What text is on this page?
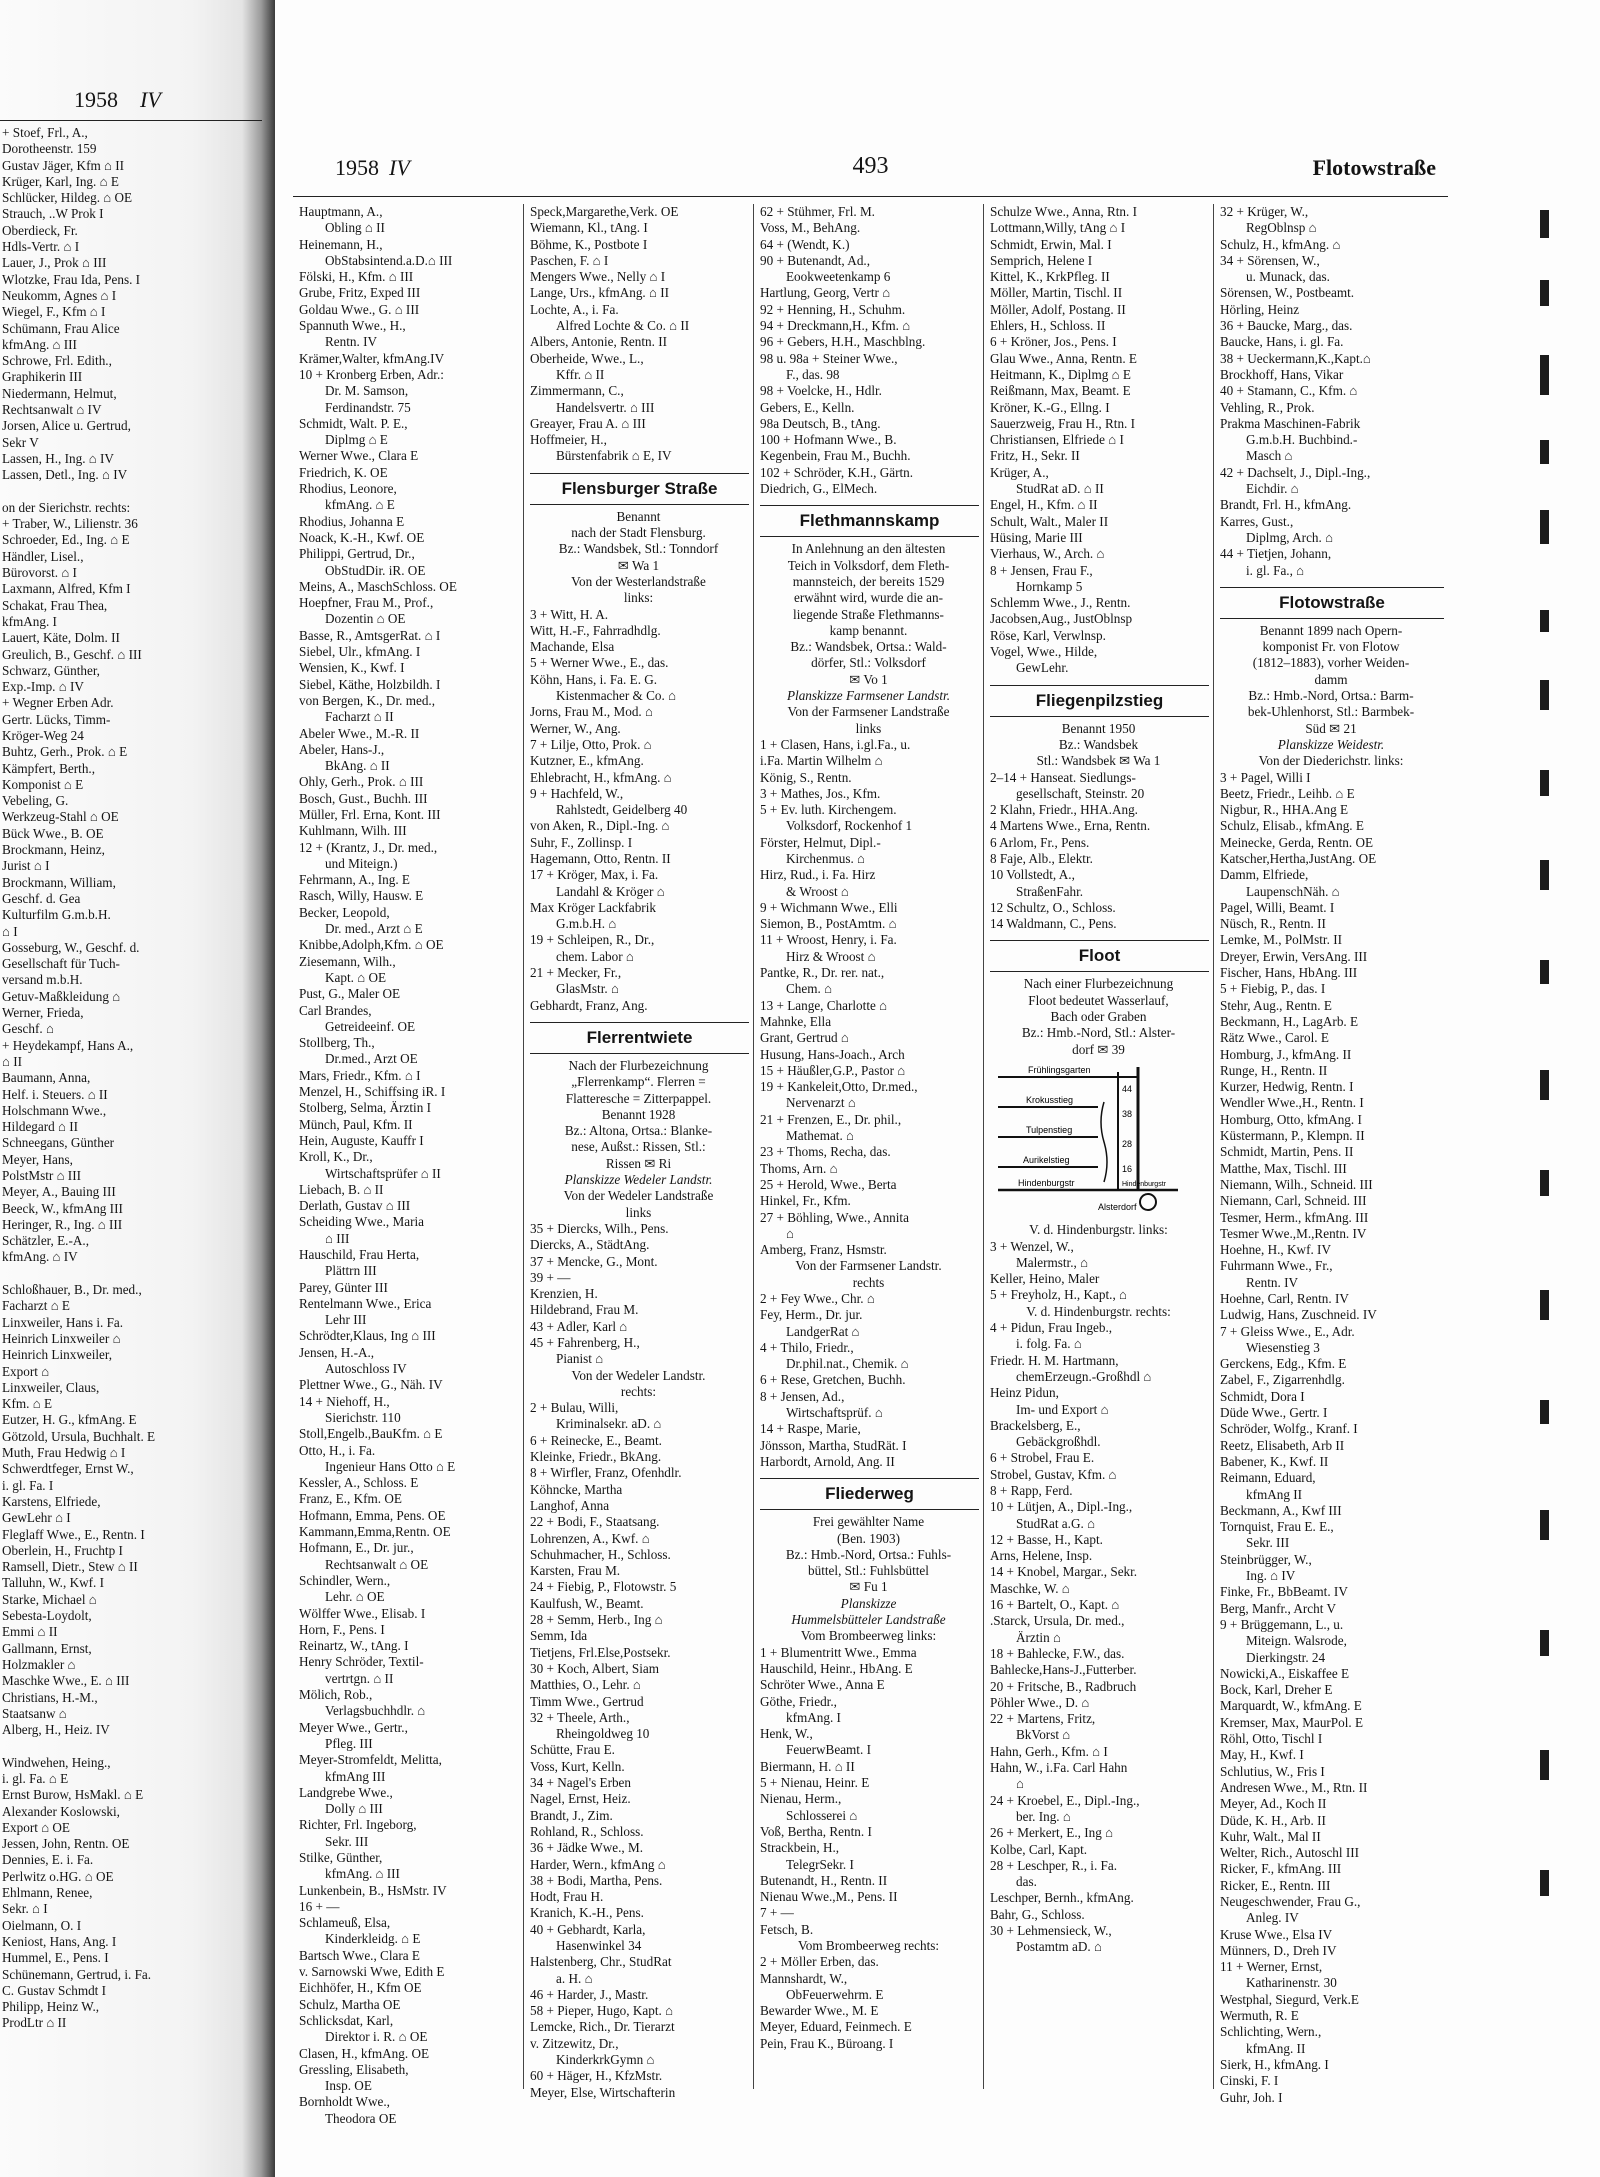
1958 IV
+ Stoef, Frl., A.,
Dorotheenstr. 159
Gustav Jäger, Kfm ⌂ II
Krüger, Karl, Ing. ⌂ E
Schlücker, Hildeg. ⌂ OE
Strauch, ..W Prok I
Oberdieck, Fr.
Hdls-Vertr. ⌂ I
Lauer, J., Prok ⌂ III
Wlotzke, Frau Ida, Pens. I
Neukomm, Agnes ⌂ I
Wiegel, F., Kfm ⌂ I
Schümann, Frau Alice
kfmAng. ⌂ III
Schrowe, Frl. Edith.,
Graphikerin III
Niedermann, Helmut,
Rechtsanwalt ⌂ IV
Jorsen, Alice u. Gertrud,
Sekr V
Lassen, H., Ing. ⌂ IV
Lassen, Detl., Ing. ⌂ IV

on der Sierichstr. rechts:
+ Traber, W., Lilienstr. 36
Schroeder, Ed., Ing. ⌂ E
Händler, Lisel.,
Bürovorst. ⌂ I
Laxmann, Alfred, Kfm I
Schakat, Frau Thea,
kfmAng. I
Lauert, Käte, Dolm. II
Greulich, B., Geschf. ⌂ III
Schwarz, Günther,
Exp.-Imp. ⌂ IV
+ Wegner Erben Adr.
Gertr. Lücks, Timm-
Kröger-Weg 24
Buhtz, Gerh., Prok. ⌂ E
Kämpfert, Berth.,
Komponist ⌂ E
Vebeling, G.
Werkzeug-Stahl ⌂ OE
Bück Wwe., B. OE
Brockmann, Heinz,
Jurist ⌂ I
Brockmann, William,
Geschf. d. Gea
Kulturfilm G.m.b.H.
⌂ I
Gosseburg, W., Geschf. d.
Gesellschaft für Tuch-
versand m.b.H.
Getuv-Maßkleidung ⌂
Werner, Frieda,
Geschf. ⌂
+ Heydekampf, Hans A.,
⌂ II
Baumann, Anna,
Helf. i. Steuers. ⌂ II
Holschmann Wwe.,
Hildegard ⌂ II
Schneegans, Günther
Meyer, Hans,
PolstMstr ⌂ III
Meyer, A., Bauing III
Beeck, W., kfmAng III
Heringer, R., Ing. ⌂ III
Schätzler, E.-A.,
kfmAng. ⌂ IV

Schloßhauer, B., Dr. med.,
Facharzt ⌂ E
Linxweiler, Hans i. Fa.
Heinrich Linxweiler ⌂
Heinrich Linxweiler,
Export ⌂
Linxweiler, Claus,
Kfm. ⌂ E
Eutzer, H. G., kfmAng. E
Götzold, Ursula, Buchhalt. E
Muth, Frau Hedwig ⌂ I
Schwerdtfeger, Ernst W.,
i. gl. Fa. I
Karstens, Elfriede,
GewLehr ⌂ I
Fleglaff Wwe., E., Rentn. I
Oberlein, H., Fruchtp I
Ramsell, Dietr., Stew ⌂ II
Talluhn, W., Kwf. I
Starke, Michael ⌂
Sebesta-Loydolt,
Emmi ⌂ II
Gallmann, Ernst,
Holzmakler ⌂
Maschke Wwe., E. ⌂ III
Christians, H.-M.,
Staatsanw ⌂
Alberg, H., Heiz. IV

Windwehen, Heing.,
i. gl. Fa. ⌂ E
Ernst Burow, HsMakl. ⌂ E
Alexander Koslowski,
Export ⌂ OE
Jessen, John, Rentn. OE
Dennies, E. i. Fa.
Perlwitz o.HG. ⌂ OE
Ehlmann, Renee,
Sekr. ⌂ I
Oielmann, O. I
Keniost, Hans, Ang. I
Hummel, E., Pens. I
Schünemann, Gertrud, i. Fa.
C. Gustav Schmdt I
Philipp, Heinz W.,
ProdLtr ⌂ II
1958 IV	493	Flotowstraße
Hauptmann, A.,
Obling ⌂ II
Heinemann, H.,
ObStabsintend.a.D.⌂ III
Fölski, H., Kfm. ⌂ III
Grube, Fritz, Exped III
Goldau Wwe., G. ⌂ III
Spannuth Wwe., H.,
Rentn. IV
Krämer,Walter, kfmAng.IV
10 + Kronberg Erben, Adr.:
Dr. M. Samson,
Ferdinandstr. 75
Schmidt, Walt. P. E.,
Diplmg ⌂ E
Werner Wwe., Clara E
Friedrich, K. OE
Rhodius, Leonore,
kfmAng. ⌂ E
Rhodius, Johanna E
Noack, K.-H., Kwf. OE
Philippi, Gertrud, Dr.,
ObStudDir. iR. OE
Meins, A., MaschSchloss. OE
Hoepfner, Frau M., Prof.,
Dozentin ⌂ OE
Basse, R., AmtsgerRat. ⌂ I
Siebel, Ulr., kfmAng. I
Wensien, K., Kwf. I
Siebel, Käthe, Holzbildh. I
von Bergen, K., Dr. med.,
Facharzt ⌂ II
Abeler Wwe., M.-R. II
Abeler, Hans-J.,
BkAng. ⌂ II
Ohly, Gerh., Prok. ⌂ III
Bosch, Gust., Buchh. III
Müller, Frl. Erna, Kont. III
Kuhlmann, Wilh. III
12 + (Krantz, J., Dr. med.,
und Miteign.)
Fehrmann, A., Ing. E
Rasch, Willy, Hausw. E
Becker, Leopold,
Dr. med., Arzt ⌂ E
Knibbe,Adolph,Kfm. ⌂ OE
Ziesemann, Wilh.,
Kapt. ⌂ OE
Pust, G., Maler OE
Carl Brandes,
Getreideeinf. OE
Stollberg, Th.,
Dr.med., Arzt OE
Mars, Friedr., Kfm. ⌂ I
Menzel, H., Schiffsing iR. I
Stolberg, Selma, Ärztin I
Münch, Paul, Kfm. II
Hein, Auguste, Kauffr I
Kroll, K., Dr.,
Wirtschaftsprüfer ⌂ II
Liebach, B. ⌂ II
Derlath, Gustav ⌂ III
Scheiding Wwe., Maria
⌂ III
Hauschild, Frau Herta,
Plättrn III
Parey, Günter III
Rentelmann Wwe., Erica
Lehr III
Schrödter,Klaus, Ing ⌂ III
Jensen, H.-A.,
Autoschloss IV
Plettner Wwe., G., Näh. IV
14 + Niehoff, H.,
Sierichstr. 110
Stoll,Engelb.,BauKfm. ⌂ E
Otto, H., i. Fa.
Ingenieur Hans Otto ⌂ E
Kessler, A., Schloss. E
Franz, E., Kfm. OE
Hofmann, Emma, Pens. OE
Kammann,Emma,Rentn. OE
Hofmann, E., Dr. jur.,
Rechtsanwalt ⌂ OE
Schindler, Wern.,
Lehr. ⌂ OE
Wölffer Wwe., Elisab. I
Horn, F., Pens. I
Reinartz, W., tAng. I
Henry Schröder, Textil-
vertrtgn. ⌂ II
Mölich, Rob.,
Verlagsbuchhdlr. ⌂
Meyer Wwe., Gertr.,
Pfleg. III
Meyer-Stromfeldt, Melitta,
kfmAng III
Landgrebe Wwe.,
Dolly ⌂ III
Richter, Frl. Ingeborg,
Sekr. III
Stilke, Günther,
kfmAng. ⌂ III
Lunkenbein, B., HsMstr. IV
16 + —
Schlameuß, Elsa,
Kinderkleidg. ⌂ E
Bartsch Wwe., Clara E
v. Sarnowski Wwe, Edith E
Eichhöfer, H., Kfm OE
Schulz, Martha OE
Schlicksdat, Karl,
Direktor i. R. ⌂ OE
Clasen, H., kfmAng. OE
Gressling, Elisabeth,
Insp. OE
Bornholdt Wwe.,
Theodora OE
Speck,Margarethe,Verk. OE
Wiemann, Kl., tAng. I
Böhme, K., Postbote I
Paschen, F. ⌂ I
Mengers Wwe., Nelly ⌂ I
Lange, Urs., kfmAng. ⌂ II
Lochte, A., i. Fa.
Alfred Lochte & Co. ⌂ II
Albers, Antonie, Rentn. II
Oberheide, Wwe., L.,
Kffr. ⌂ II
Zimmermann, C.,
Handelsvertr. ⌂ III
Greayer, Frau A. ⌂ III
Hoffmeier, H.,
Bürstenfabrik ⌂ E, IV
Flensburger Straße
Benannt
nach der Stadt Flensburg.
Bz.: Wandsbek, Stl.: Tonndorf
✉ Wa 1
Von der Westerlandstraße
links:
3 + Witt, H. A.
Witt, H.-F., Fahrradhdlg.
Machande, Elsa
5 + Werner Wwe., E., das.
Köhn, Hans, i. Fa. E. G.
Kistenmacher & Co. ⌂
Jorns, Frau M., Mod. ⌂
Werner, W., Ang.
7 + Lilje, Otto, Prok. ⌂
Kutzner, E., kfmAng.
Ehlebracht, H., kfmAng. ⌂
9 + Hachfeld, W.,
Rahlstedt, Geidelberg 40
von Aken, R., Dipl.-Ing. ⌂
Suhr, F., Zollinsp. I
Hagemann, Otto, Rentn. II
17 + Kröger, Max, i. Fa.
Landahl & Kröger ⌂
Max Kröger Lackfabrik
G.m.b.H. ⌂
19 + Schleipen, R., Dr.,
chem. Labor ⌂
21 + Mecker, Fr.,
GlasMstr. ⌂
Gebhardt, Franz, Ang.
Flerrentwiete
Nach der Flurbezeichnung
„Flerrenkamp“. Flerren =
Flatteresche = Zitterpappel.
Benannt 1928
Bz.: Altona, Ortsa.: Blanke-
nese, Außst.: Rissen, Stl.:
Rissen ✉ Ri
Planskizze Wedeler Landstr.
Von der Wedeler Landstraße
links
35 + Diercks, Wilh., Pens.
Diercks, A., StädtAng.
37 + Mencke, G., Mont.
39 + —
Krenzien, H.
Hildebrand, Frau M.
43 + Adler, Karl ⌂
45 + Fahrenberg, H.,
Pianist ⌂
Von der Wedeler Landstr.
rechts:
2 + Bulau, Willi,
Kriminalsekr. aD. ⌂
6 + Reinecke, E., Beamt.
Kleinke, Friedr., BkAng.
8 + Wirfler, Franz, Ofenhdlr.
Köhncke, Martha
Langhof, Anna
22 + Bodi, F., Staatsang.
Lohrenzen, A., Kwf. ⌂
Schuhmacher, H., Schloss.
Karsten, Frau M.
24 + Fiebig, P., Flotowstr. 5
Kaulfush, W., Beamt.
28 + Semm, Herb., Ing ⌂
Semm, Ida
Tietjens, Frl.Else,Postsekr.
30 + Koch, Albert, Siam
Matthies, O., Lehr. ⌂
Timm Wwe., Gertrud
32 + Theele, Arth.,
Rheingoldweg 10
Schütte, Frau E.
Voss, Kurt, Kelln.
34 + Nagel's Erben
Nagel, Ernst, Heiz.
Brandt, J., Zim.
Rohland, R., Schloss.
36 + Jädke Wwe., M.
Harder, Wern., kfmAng ⌂
38 + Bodi, Martha, Pens.
Hodt, Frau H.
Kranich, K.-H., Pens.
40 + Gebhardt, Karla,
Hasenwinkel 34
Halstenberg, Chr., StudRat
a. H. ⌂
46 + Harder, J., Mastr.
58 + Pieper, Hugo, Kapt. ⌂
Lemcke, Rich., Dr. Tierarzt
v. Zitzewitz, Dr.,
KinderkrkGymn ⌂
60 + Häger, H., KfzMstr.
Meyer, Else, Wirtschafterin
62 + Stühmer, Frl. M.
Voss, M., BehAng.
64 + (Wendt, K.)
90 + Butenandt, Ad.,
Eookweetenkamp 6
Hartlung, Georg, Vertr ⌂
92 + Henning, H., Schuhm.
94 + Dreckmann,H., Kfm. ⌂
96 + Gebers, H.H., Maschblng.
98 u. 98a + Steiner Wwe.,
F., das. 98
98 + Voelcke, H., Hdlr.
Gebers, E., Kelln.
98a Deutsch, B., tAng.
100 + Hofmann Wwe., B.
Kegenbein, Frau M., Buchh.
102 + Schröder, K.H., Gärtn.
Diedrich, G., ElMech.
Flethmannskamp
In Anlehnung an den ältesten
Teich in Volksdorf, dem Fleth-
mannsteich, der bereits 1529
erwähnt wird, wurde die an-
liegende Straße Flethmanns-
kamp benannt.
Bz.: Wandsbek, Ortsa.: Wald-
dörfer, Stl.: Volksdorf
✉ Vo 1
Planskizze Farmsener Landstr.
Von der Farmsener Landstraße
links
1 + Clasen, Hans, i.gl.Fa., u.
i.Fa. Martin Wilhelm ⌂
König, S., Rentn.
3 + Mathes, Jos., Kfm.
5 + Ev. luth. Kirchengem.
Volksdorf, Rockenhof 1
Förster, Helmut, Dipl.-
Kirchenmus. ⌂
Hirz, Rud., i. Fa. Hirz
& Wroost ⌂
9 + Wichmann Wwe., Elli
Siemon, B., PostAmtm. ⌂
11 + Wroost, Henry, i. Fa.
Hirz & Wroost ⌂
Pantke, R., Dr. rer. nat.,
Chem. ⌂
13 + Lange, Charlotte ⌂
Mahnke, Ella
Grant, Gertrud ⌂
Husung, Hans-Joach., Arch
15 + Häußler,G.P., Pastor ⌂
19 + Kankeleit,Otto, Dr.med.,
Nervenarzt ⌂
21 + Frenzen, E., Dr. phil.,
Mathemat. ⌂
23 + Thoms, Recha, das.
Thoms, Arn. ⌂
25 + Herold, Wwe., Berta
Hinkel, Fr., Kfm.
27 + Böhling, Wwe., Annita
⌂
Amberg, Franz, Hsmstr.
Von der Farmsener Landstr.
rechts
2 + Fey Wwe., Chr. ⌂
Fey, Herm., Dr. jur.
LandgerRat ⌂
4 + Thilo, Friedr.,
Dr.phil.nat., Chemik. ⌂
6 + Rese, Gretchen, Buchh.
8 + Jensen, Ad.,
Wirtschaftsprüf. ⌂
14 + Raspe, Marie,
Jönsson, Martha, StudRät. I
Harbordt, Arnold, Ang. II
Fliederweg
Frei gewählter Name
(Ben. 1903)
Bz.: Hmb.-Nord, Ortsa.: Fuhls-
büttel, Stl.: Fuhlsbüttel
✉ Fu 1
Planskizze
Hummelsbütteler Landstraße
Vom Brombeerweg links:
1 + Blumentritt Wwe., Emma
Hauschild, Heinr., HbAng. E
Schröter Wwe., Anna E
Göthe, Friedr.,
kfmAng. I
Henk, W.,
FeuerwBeamt. I
Biermann, H. ⌂ II
5 + Nienau, Heinr. E
Nienau, Herm.,
Schlosserei ⌂
Voß, Bertha, Rentn. I
Strackbein, H.,
TelegrSekr. I
Butenandt, H., Rentn. II
Nienau Wwe.,M., Pens. II
7 + —
Fetsch, B.
Vom Brombeerweg rechts:
2 + Möller Erben, das.
Mannshardt, W.,
ObFeuerwehrm. E
Bewarder Wwe., M. E
Meyer, Eduard, Feinmech. E
Pein, Frau K., Büroang. I
Schulze Wwe., Anna, Rtn. I
Lottmann,Willy, tAng ⌂ I
Schmidt, Erwin, Mal. I
Semprich, Helene I
Kittel, K., KrkPfleg. II
Möller, Martin, Tischl. II
Möller, Adolf, Postang. II
Ehlers, H., Schloss. II
6 + Kröner, Jos., Pens. I
Glau Wwe., Anna, Rentn. E
Heitmann, K., Diplmg ⌂ E
Reißmann, Max, Beamt. E
Kröner, K.-G., Ellng. I
Sauerzweig, Frau H., Rtn. I
Christiansen, Elfriede ⌂ I
Fritz, H., Sekr. II
Krüger, A.,
StudRat aD. ⌂ II
Engel, H., Kfm. ⌂ II
Schult, Walt., Maler II
Hüsing, Marie III
Vierhaus, W., Arch. ⌂
8 + Jensen, Frau F.,
Hornkamp 5
Schlemm Wwe., J., Rentn.
Jacobsen,Aug., JustOblnsp
Röse, Karl, Verwlnsp.
Vogel, Wwe., Hilde,
GewLehr.
Fliegenpilzstieg
Benannt 1950
Bz.: Wandsbek
Stl.: Wandsbek ✉ Wa 1
2–14 + Hanseat. Siedlungs-
gesellschaft, Steinstr. 20
2 Klahn, Friedr., HHA.Ang.
4 Martens Wwe., Erna, Rentn.
6 Arlom, Fr., Pens.
8 Faje, Alb., Elektr.
10 Vollstedt, A.,
StraßenFahr.
12 Schultz, O., Schloss.
14 Waldmann, C., Pens.
Floot
Nach einer Flurbezeichnung
Floot bedeutet Wasserlauf,
Bach oder Graben
Bz.: Hmb.-Nord, Stl.: Alster-
dorf ✉ 39
Frühlingsgarten
Krokusstieg
Tulpenstieg
Aurikelstieg
Hindenburgstr	Hindenburgstr
44
38
28
16
Alsterdorf
V. d. Hindenburgstr. links:
3 + Wenzel, W.,
Malermstr., ⌂
Keller, Heino, Maler
5 + Freyholz, H., Kapt., ⌂
V. d. Hindenburgstr. rechts:
4 + Pidun, Frau Ingeb.,
i. folg. Fa. ⌂
Friedr. H. M. Hartmann,
chemErzeugn.-Großhdl ⌂
Heinz Pidun,
Im- und Export ⌂
Brackelsberg, E.,
Gebäckgroßhdl.
6 + Strobel, Frau E.
Strobel, Gustav, Kfm. ⌂
8 + Rapp, Ferd.
10 + Lütjen, A., Dipl.-Ing.,
StudRat a.G. ⌂
12 + Basse, H., Kapt.
Arns, Helene, Insp.
14 + Knobel, Margar., Sekr.
Maschke, W. ⌂
16 + Bartelt, O., Kapt. ⌂
.Starck, Ursula, Dr. med.,
Ärztin ⌂
18 + Bahlecke, F.W., das.
Bahlecke,Hans-J.,Futterber.
20 + Fritsche, B., Radbruch
Pöhler Wwe., D. ⌂
22 + Martens, Fritz,
BkVorst ⌂
Hahn, Gerh., Kfm. ⌂ I
Hahn, W., i.Fa. Carl Hahn
⌂
24 + Kroebel, E., Dipl.-Ing.,
ber. Ing. ⌂
26 + Merkert, E., Ing ⌂
Kolbe, Carl, Kapt.
28 + Leschper, R., i. Fa.
das.
Leschper, Bernh., kfmAng.
Bahr, G., Schloss.
30 + Lehmensieck, W.,
Postamtm aD. ⌂
32 + Krüger, W.,
RegOblnsp ⌂
Schulz, H., kfmAng. ⌂
34 + Sörensen, W.,
u. Munack, das.
Sörensen, W., Postbeamt.
Hörling, Heinz
36 + Baucke, Marg., das.
Baucke, Hans, i. gl. Fa.
38 + Ueckermann,K.,Kapt.⌂
Brockhoff, Hans, Vikar
40 + Stamann, C., Kfm. ⌂
Vehling, R., Prok.
Prakma Maschinen-Fabrik
G.m.b.H. Buchbind.-
Masch ⌂
42 + Dachselt, J., Dipl.-Ing.,
Eichdir. ⌂
Brandt, Frl. H., kfmAng.
Karres, Gust.,
Diplmg, Arch. ⌂
44 + Tietjen, Johann,
i. gl. Fa., ⌂
Flotowstraße
Benannt 1899 nach Opern-
komponist Fr. von Flotow
(1812–1883), vorher Weiden-
damm
Bz.: Hmb.-Nord, Ortsa.: Barm-
bek-Uhlenhorst, Stl.: Barmbek-
Süd ✉ 21
Planskizze Weidestr.
Von der Diederichstr. links:
3 + Pagel, Willi I
Beetz, Friedr., Leihb. ⌂ E
Nigbur, R., HHA.Ang E
Schulz, Elisab., kfmAng. E
Meinecke, Gerda, Rentn. OE
Katscher,Hertha,JustAng. OE
Damm, Elfriede,
LaupenschNäh. ⌂
Pagel, Willi, Beamt. I
Nüsch, R., Rentn. II
Lemke, M., PolMstr. II
Dreyer, Erwin, VersAng. III
Fischer, Hans, HbAng. III
5 + Fiebig, P., das. I
Stehr, Aug., Rentn. E
Beckmann, H., LagArb. E
Rätz Wwe., Carol. E
Homburg, J., kfmAng. II
Runge, H., Rentn. II
Kurzer, Hedwig, Rentn. I
Wendler Wwe.,H., Rentn. I
Homburg, Otto, kfmAng. I
Küstermann, P., Klempn. II
Schmidt, Martin, Pens. II
Matthe, Max, Tischl. III
Niemann, Wilh., Schneid. III
Niemann, Carl, Schneid. III
Tesmer, Herm., kfmAng. III
Tesmer Wwe.,M.,Rentn. IV
Hoehne, H., Kwf. IV
Fuhrmann Wwe., Fr.,
Rentn. IV
Hoehne, Carl, Rentn. IV
Ludwig, Hans, Zuschneid. IV
7 + Gleiss Wwe., E., Adr.
Wiesenstieg 3
Gerckens, Edg., Kfm. E
Zabel, F., Zigarrenhdlg.
Schmidt, Dora I
Düde Wwe., Gertr. I
Schröder, Wolfg., Kranf. I
Reetz, Elisabeth, Arb II
Babener, K., Kwf. II
Reimann, Eduard,
kfmAng II
Beckmann, A., Kwf III
Tornquist, Frau E. E.,
Sekr. III
Steinbrügger, W.,
Ing. ⌂ IV
Finke, Fr., BbBeamt. IV
Berg, Manfr., Archt V
9 + Brüggemann, L., u.
Miteign. Walsrode,
Dierkingstr. 24
Nowicki,A., Eiskaffee E
Bock, Karl, Dreher E
Marquardt, W., kfmAng. E
Kremser, Max, MaurPol. E
Röhl, Otto, Tischl I
May, H., Kwf. I
Schlutius, W., Fris I
Andresen Wwe., M., Rtn. II
Meyer, Ad., Koch II
Düde, K. H., Arb. II
Kuhr, Walt., Mal II
Welter, Rich., Autoschl III
Ricker, F., kfmAng. III
Ricker, E., Rentn. III
Neugeschwender, Frau G.,
Anleg. IV
Kruse Wwe., Elsa IV
Münners, D., Dreh IV
11 + Werner, Ernst,
Katharinenstr. 30
Westphal, Siegurd, Verk.E
Wermuth, R. E
Schlichting, Wern.,
kfmAng. II
Sierk, H., kfmAng. I
Cinski, F. I
Guhr, Joh. I
